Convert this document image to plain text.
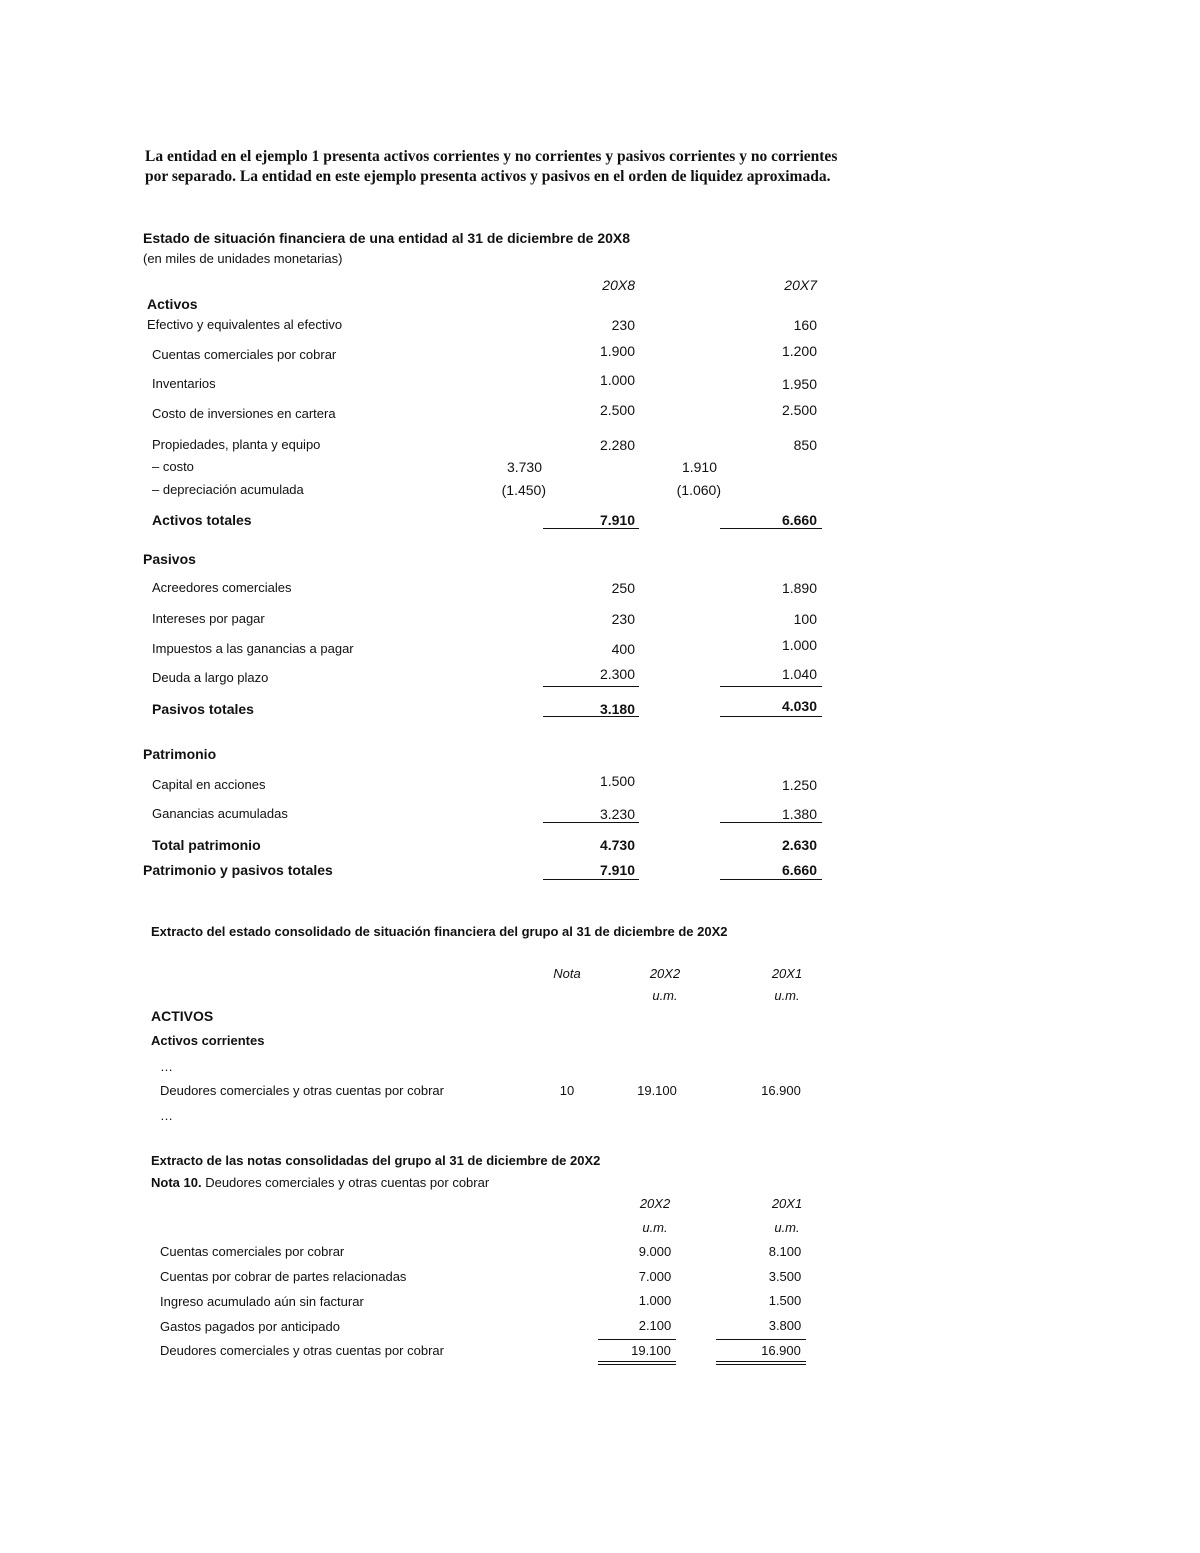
La entidad en el ejemplo 1 presenta activos corrientes y no corrientes y pasivos corrientes y no corrientes por separado. La entidad en este ejemplo presenta activos y pasivos en el orden de liquidez aproximada.
Estado de situación financiera de una entidad al 31 de diciembre de 20X8
(en miles de unidades monetarias)
20X8	20X7
Activos
Efectivo y equivalentes al efectivo	230	160
Cuentas comerciales por cobrar	1.900	1.200
Inventarios	1.000	1.950
Costo de inversiones en cartera	2.500	2.500
Propiedades, planta y equipo	2.280	850
– costo	3.730	1.910
– depreciación acumulada	(1.450)	(1.060)
Activos totales	7.910	6.660
Pasivos
Acreedores comerciales	250	1.890
Intereses por pagar	230	100
Impuestos a las ganancias a pagar	400	1.000
Deuda a largo plazo	2.300	1.040
Pasivos totales	3.180	4.030
Patrimonio
Capital en acciones	1.500	1.250
Ganancias acumuladas	3.230	1.380
Total patrimonio	4.730	2.630
Patrimonio y pasivos totales	7.910	6.660
Extracto del estado consolidado de situación financiera del grupo al 31 de diciembre de 20X2
Nota	20X2	20X1
u.m.	u.m.
ACTIVOS
Activos corrientes
…
Deudores comerciales y otras cuentas por cobrar	10	19.100	16.900
…
Extracto de las notas consolidadas del grupo al 31 de diciembre de 20X2
Nota 10. Deudores comerciales y otras cuentas por cobrar
20X2	20X1
u.m.	u.m.
Cuentas comerciales por cobrar	9.000	8.100
Cuentas por cobrar de partes relacionadas	7.000	3.500
Ingreso acumulado aún sin facturar	1.000	1.500
Gastos pagados por anticipado	2.100	3.800
Deudores comerciales y otras cuentas por cobrar	19.100	16.900
